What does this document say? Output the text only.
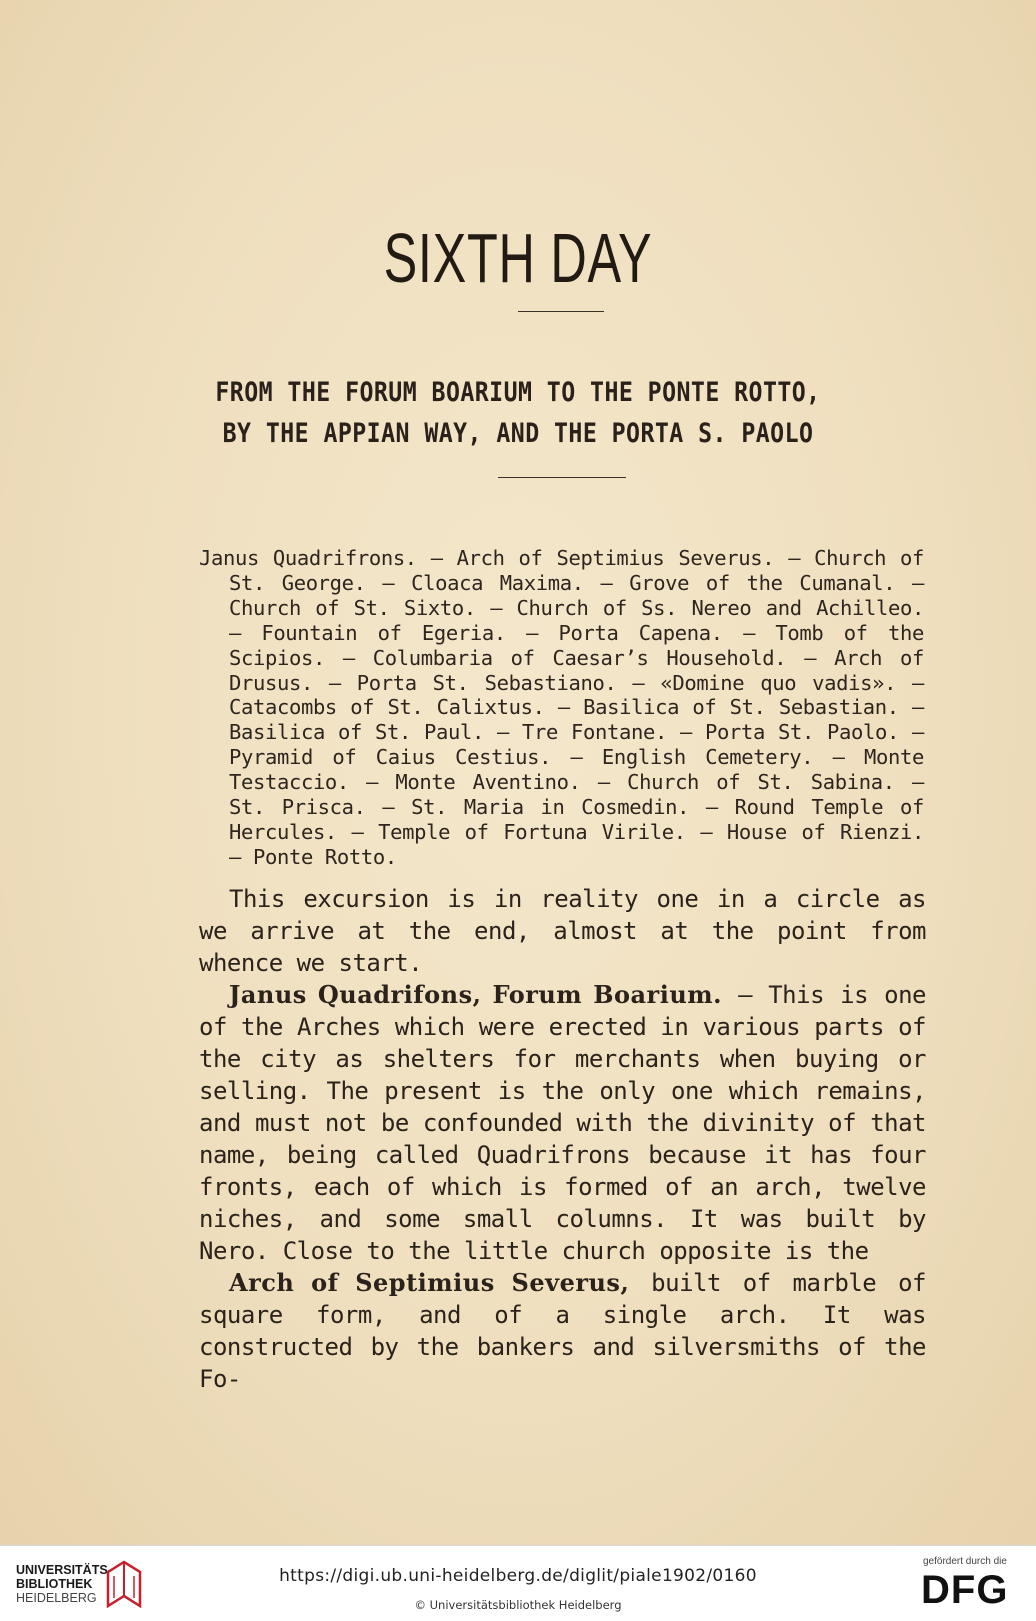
SIXTH DAY
FROM THE FORUM BOARIUM TO THE PONTE ROTTO,
BY THE APPIAN WAY, AND THE PORTA S. PAOLO

Janus Quadrifrons. — Arch of Septimius Severus. — Church of St. George. — Cloaca Maxima. — Grove of the Cumanal. — Church of St. Sixto. – Church of Ss. Nereo and Achilleo. — Fountain of Egeria. — Porta Capena. — Tomb of the Scipios. — Columbaria of Caesar’s Household. — Arch of Drusus. — Porta St. Sebastiano. – «Domine quo vadis». — Catacombs of St. Calixtus. — Basilica of St. Sebastian. — Basilica of St. Paul. — Tre Fontane. — Porta St. Paolo. — Pyramid of Caius Cestius. — English Cemetery. — Monte Testaccio. — Monte Aventino. — Church of St. Sabina. — St. Prisca. — St. Maria in Cosmedin. — Round Temple of Hercules. — Temple of Fortuna Virile. — House of Rienzi. — Ponte Rotto.

This excursion is in reality one in a circle as we arrive at the end, almost at the point from whence we start.

Janus Quadrifons, Forum Boarium. — This is one of the Arches which were erected in various parts of the city as shelters for merchants when buying or selling. The present is the only one which remains, and must not be confounded with the divinity of that name, being called Quadrifrons because it has four fronts, each of which is formed of an arch, twelve niches, and some small columns. It was built by Nero. Close to the little church opposite is the

Arch of Septimius Severus, built of marble of square form, and of a single arch. It was constructed by the bankers and silversmiths of the Fo-

UNIVERSITÄTS-
BIBLIOTHEK
HEIDELBERG
https://digi.ub.uni-heidelberg.de/diglit/piale1902/0160
© Universitätsbibliothek Heidelberg
gefördert durch die
DFG
